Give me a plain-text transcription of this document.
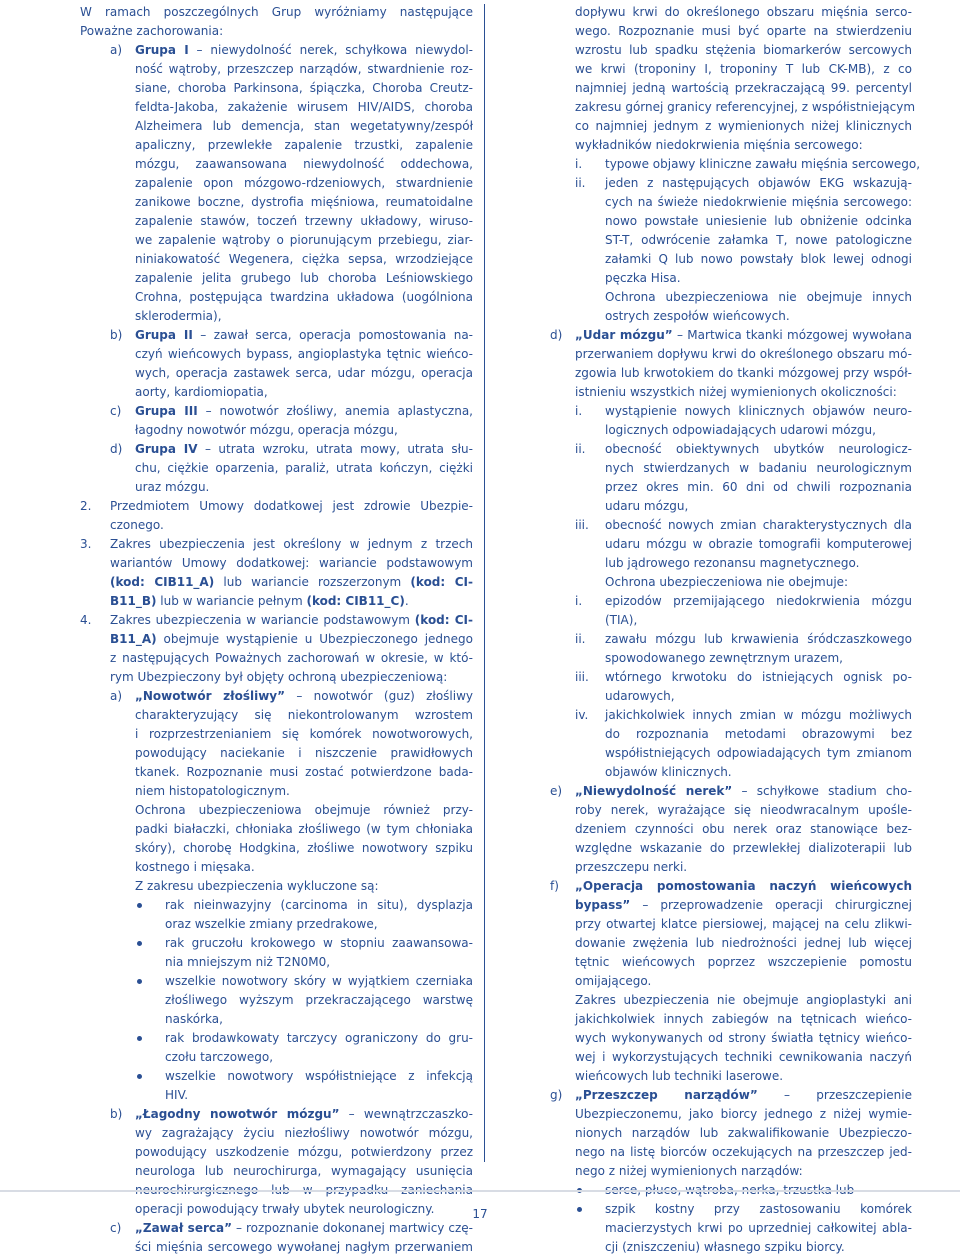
W ramach poszczególnych Grup wyróżniamy następujące
Poważne zachorowania:
a) Grupa I – niewydolność nerek, schyłkowa niewydol-
ność wątroby, przeszczep narządów, stwardnienie roz-
siane, choroba Parkinsona, śpiączka, Choroba Creutz-
feldta-Jakoba, zakażenie wirusem HIV/AIDS, choroba
Alzheimera lub demencja, stan wegetatywny/zespół
apaliczny, przewlekłe zapalenie trzustki, zapalenie
mózgu, zaawansowana niewydolność oddechowa,
zapalenie opon mózgowo-rdzeniowych, stwardnienie
zanikowe boczne, dystrofia mięśniowa, reumatoidalne
zapalenie stawów, toczeń trzewny układowy, wiruso-
we zapalenie wątroby o piorunującym przebiegu, ziar-
niniakowatość Wegenera, ciężka sepsa, wrzodziejące
zapalenie jelita grubego lub choroba Leśniowskiego
Crohna, postępująca twardzina układowa (uogólniona
sklerodermia),
b) Grupa II – zawał serca, operacja pomostowania na-
czyń wieńcowych bypass, angioplastyka tętnic wieńco-
wych, operacja zastawek serca, udar mózgu, operacja
aorty, kardiomiopatia,
c) Grupa III – nowotwór złośliwy, anemia aplastyczna,
łagodny nowotwór mózgu, operacja mózgu,
d) Grupa IV – utrata wzroku, utrata mowy, utrata słu-
chu, ciężkie oparzenia, paraliż, utrata kończyn, ciężki
uraz mózgu.
2. Przedmiotem Umowy dodatkowej jest zdrowie Ubezpie-
czonego.
3. Zakres ubezpieczenia jest określony w jednym z trzech
wariantów Umowy dodatkowej: wariancie podstawowym
(kod: CIB11_A) lub wariancie rozszerzonym (kod: CI-
B11_B) lub w wariancie pełnym (kod: CIB11_C).
4. Zakres ubezpieczenia w wariancie podstawowym (kod: CI-
B11_A) obejmuje wystąpienie u Ubezpieczonego jednego
z następujących Poważnych zachorowań w okresie, w któ-
rym Ubezpieczony był objęty ochroną ubezpieczeniową:
a) „Nowotwór złośliwy” – nowotwór (guz) złośliwy
charakteryzujący się niekontrolowanym wzrostem
i rozprzestrzenianiem się komórek nowotworowych,
powodujący naciekanie i niszczenie prawidłowych
tkanek. Rozpoznanie musi zostać potwierdzone bada-
niem histopatologicznym.
Ochrona ubezpieczeniowa obejmuje również przy-
padki białaczki, chłoniaka złośliwego (w tym chłoniaka
skóry), chorobę Hodgkina, złośliwe nowotwory szpiku
kostnego i mięsaka.
Z zakresu ubezpieczenia wykluczone są:
rak nieinwazyjny (carcinoma in situ), dysplazja
oraz wszelkie zmiany przedrakowe,
rak gruczołu krokowego w stopniu zaawansowa-
nia mniejszym niż T2N0M0,
wszelkie nowotwory skóry w wyjątkiem czerniaka
złośliwego wyższym przekraczającego warstwę
naskórka,
rak brodawkowaty tarczycy ograniczony do gru-
czołu tarczowego,
wszelkie nowotwory współistniejące z infekcją
HIV.
b) „Łagodny nowotwór mózgu” – wewnątrzczaszko-
wy zagrażający życiu niezłośliwy nowotwór mózgu,
powodujący uszkodzenie mózgu, potwierdzony przez
neurologa lub neurochirurga, wymagający usunięcia
operacji powodujący trwały ubytek neurologiczny.
c) „Zawał serca” – rozpoznanie dokonanej martwicy czę-
ści mięśnia sercowego wywołanej nagłym przerwaniem
dopływu krwi do określonego obszaru mięśnia serco-
wego. Rozpoznanie musi być oparte na stwierdzeniu
wzrostu lub spadku stężenia biomarkerów sercowych
we krwi (troponiny I, troponiny T lub CK-MB), z co
najmniej jedną wartością przekraczającą 99. percentyl
zakresu górnej granicy referencyjnej, z współistniejącym
co najmniej jednym z wymienionych niżej klinicznych
wykładników niedokrwienia mięśnia sercowego:
i. typowe objawy kliniczne zawału mięśnia sercowego,
ii. jeden z następujących objawów EKG wskazują-
cych na świeże niedokrwienie mięśnia sercowego:
nowo powstałe uniesienie lub obniżenie odcinka
ST-T, odwrócenie załamka T, nowe patologiczne
załamki Q lub nowo powstały blok lewej odnogi
pęczka Hisa.
Ochrona ubezpieczeniowa nie obejmuje innych
ostrych zespołów wieńcowych.
d) „Udar mózgu” – Martwica tkanki mózgowej wywołana
przerwaniem dopływu krwi do określonego obszaru mó-
zgowia lub krwotokiem do tkanki mózgowej przy współ-
istnieniu wszystkich niżej wymienionych okoliczności:
i. wystąpienie nowych klinicznych objawów neuro-
logicznych odpowiadających udarowi mózgu,
ii. obecność obiektywnych ubytków neurologicz-
nych stwierdzanych w badaniu neurologicznym
przez okres min. 60 dni od chwili rozpoznania
udaru mózgu,
iii. obecność nowych zmian charakterystycznych dla
udaru mózgu w obrazie tomografii komputerowej
lub jądrowego rezonansu magnetycznego.
Ochrona ubezpieczeniowa nie obejmuje:
i. epizodów przemijającego niedokrwienia mózgu
(TIA),
ii. zawału mózgu lub krwawienia śródczaszkowego
spowodowanego zewnętrznym urazem,
iii. wtórnego krwotoku do istniejących ognisk po-
udarowych,
iv. jakichkolwiek innych zmian w mózgu możliwych
do rozpoznania metodami obrazowymi bez
współistniejących odpowiadających tym zmianom
objawów klinicznych.
e) „Niewydolność nerek” – schyłkowe stadium cho-
roby nerek, wyrażające się nieodwracalnym upośle-
dzeniem czynności obu nerek oraz stanowiące bez-
względne wskazanie do przewlekłej dializoterapii lub
przeszczepu nerki.
f) „Operacja pomostowania naczyń wieńcowych
bypass” – przeprowadzenie operacji chirurgicznej
przy otwartej klatce piersiowej, mającej na celu zlikwi-
dowanie zwężenia lub niedrożności jednej lub więcej
tętnic wieńcowych poprzez wszczepienie pomostu
omijającego.
Zakres ubezpieczenia nie obejmuje angioplastyki ani
jakichkolwiek innych zabiegów na tętnicach wieńco-
wych wykonywanych od strony światła tętnicy wieńco-
wej i wykorzystujących techniki cewnikowania naczyń
wieńcowych lub techniki laserowe.
g) „Przeszczep narządów” – przeszczepienie
Ubezpieczonemu, jako biorcy jednego z niżej wymie-
nionych narządów lub zakwalifikowanie Ubezpieczo-
nego na listę biorców oczekujących na przeszczep jed-
nego z niżej wymienionych narządów:
szpik kostny przy zastosowaniu komórek
macierzystych krwi po uprzedniej całkowitej abla-
cji (zniszczeniu) własnego szpiku biorcy.
17
